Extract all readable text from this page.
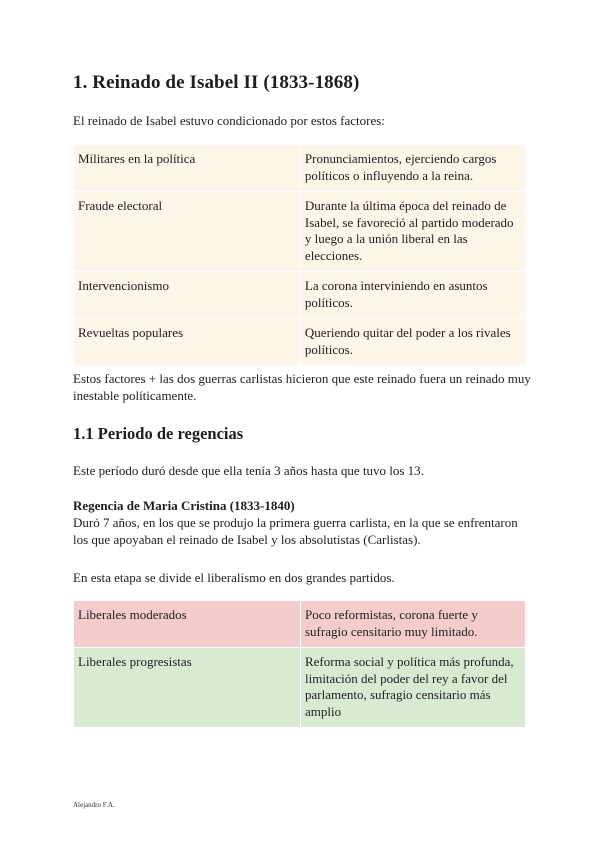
1. Reinado de Isabel II (1833-1868)

El reinado de Isabel estuvo condicionado por estos factores:

Militares en la política	Pronunciamientos, ejerciendo cargos políticos o influyendo a la reina.
Fraude electoral	Durante la última época del reinado de Isabel, se favoreció al partido moderado y luego a la unión liberal en las elecciones.
Intervencionismo	La corona interviniendo en asuntos políticos.
Revueltas populares	Queriendo quitar del poder a los rivales políticos.

Estos factores + las dos guerras carlistas hicieron que este reinado fuera un reinado muy inestable políticamente.

1.1 Periodo de regencias

Este período duró desde que ella tenía 3 años hasta que tuvo los 13.

Regencia de Maria Cristina (1833-1840)
Duró 7 años, en los que se produjo la primera guerra carlista, en la que se enfrentaron los que apoyaban el reinado de Isabel y los absolutistas (Carlistas).

En esta etapa se divide el liberalismo en dos grandes partidos.

Liberales moderados	Poco reformistas, corona fuerte y sufragio censitario muy limitado.
Liberales progresistas	Reforma social y política más profunda, limitación del poder del rey a favor del parlamento, sufragio censitario más amplio
Alejandro F.A.
